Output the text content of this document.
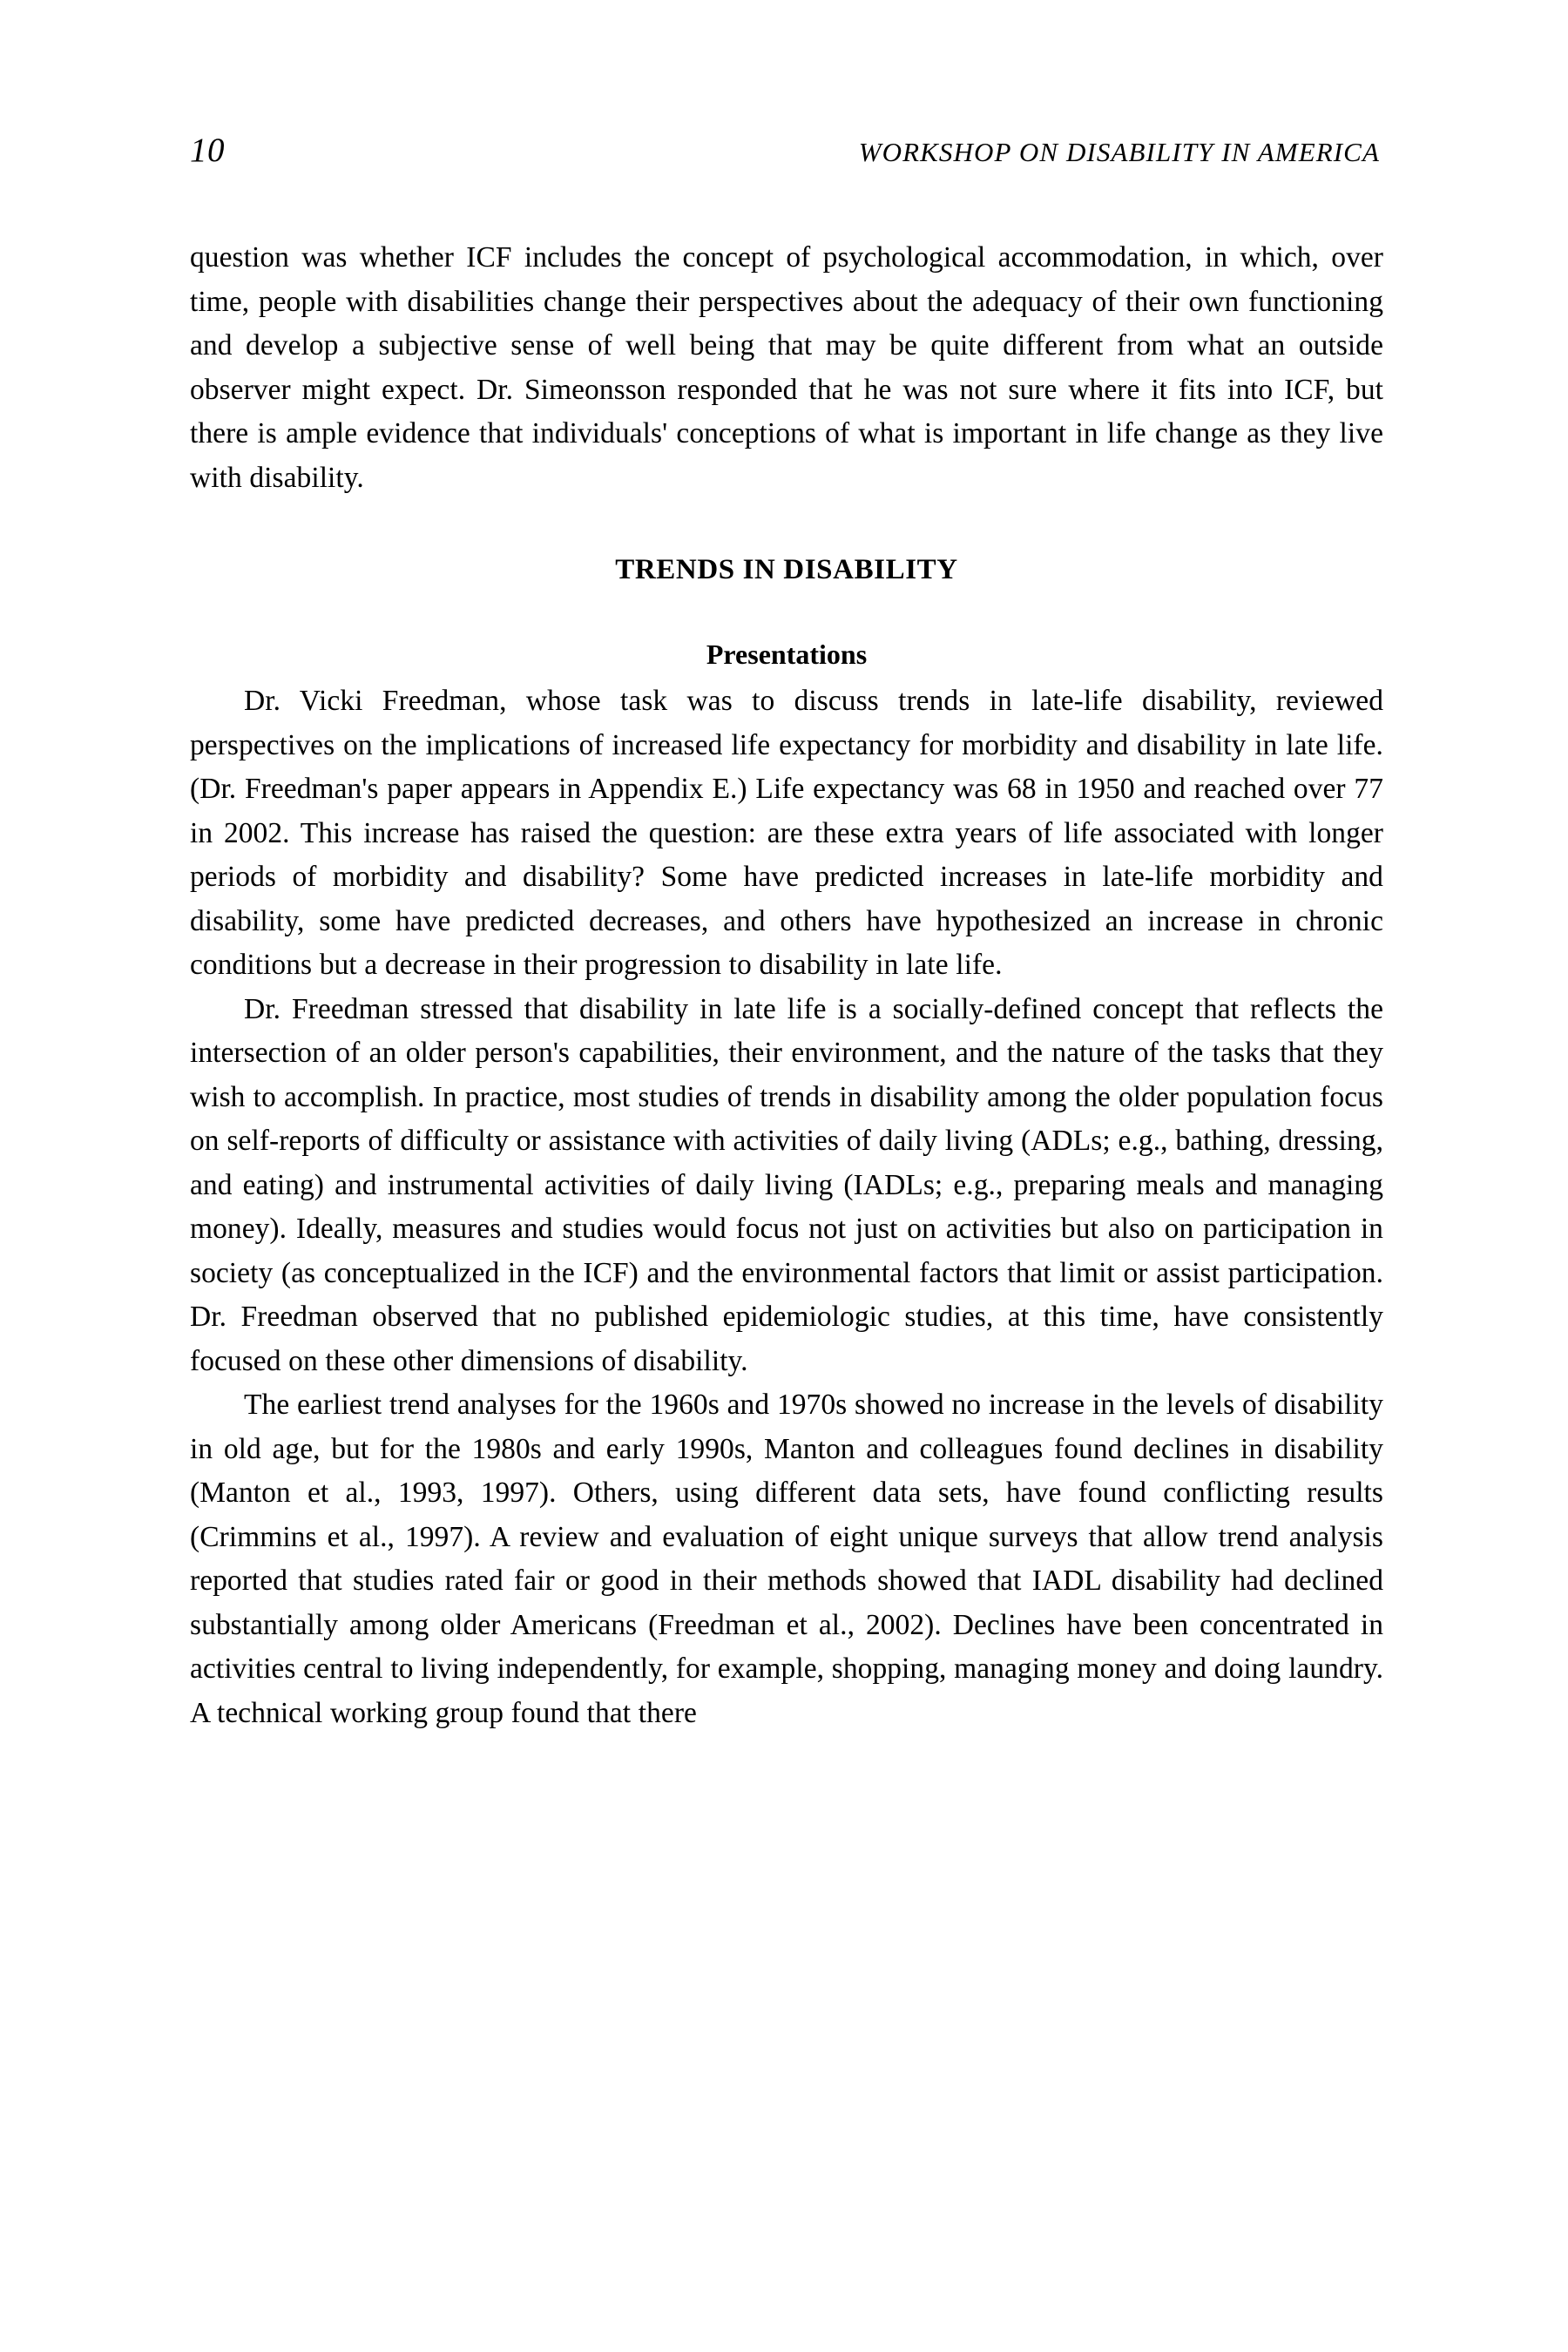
10	WORKSHOP ON DISABILITY IN AMERICA

question was whether ICF includes the concept of psychological accommodation, in which, over time, people with disabilities change their perspectives about the adequacy of their own functioning and develop a subjective sense of well being that may be quite different from what an outside observer might expect. Dr. Simeonsson responded that he was not sure where it fits into ICF, but there is ample evidence that individuals' conceptions of what is important in life change as they live with disability.

TRENDS IN DISABILITY
Presentations

Dr. Vicki Freedman, whose task was to discuss trends in late-life disability, reviewed perspectives on the implications of increased life expectancy for morbidity and disability in late life. (Dr. Freedman's paper appears in Appendix E.) Life expectancy was 68 in 1950 and reached over 77 in 2002. This increase has raised the question: are these extra years of life associated with longer periods of morbidity and disability? Some have predicted increases in late-life morbidity and disability, some have predicted decreases, and others have hypothesized an increase in chronic conditions but a decrease in their progression to disability in late life.

Dr. Freedman stressed that disability in late life is a socially-defined concept that reflects the intersection of an older person's capabilities, their environment, and the nature of the tasks that they wish to accomplish. In practice, most studies of trends in disability among the older population focus on self-reports of difficulty or assistance with activities of daily living (ADLs; e.g., bathing, dressing, and eating) and instrumental activities of daily living (IADLs; e.g., preparing meals and managing money). Ideally, measures and studies would focus not just on activities but also on participation in society (as conceptualized in the ICF) and the environmental factors that limit or assist participation. Dr. Freedman observed that no published epidemiologic studies, at this time, have consistently focused on these other dimensions of disability.

The earliest trend analyses for the 1960s and 1970s showed no increase in the levels of disability in old age, but for the 1980s and early 1990s, Manton and colleagues found declines in disability (Manton et al., 1993, 1997). Others, using different data sets, have found conflicting results (Crimmins et al., 1997). A review and evaluation of eight unique surveys that allow trend analysis reported that studies rated fair or good in their methods showed that IADL disability had declined substantially among older Americans (Freedman et al., 2002). Declines have been concentrated in activities central to living independently, for example, shopping, managing money and doing laundry. A technical working group found that there
